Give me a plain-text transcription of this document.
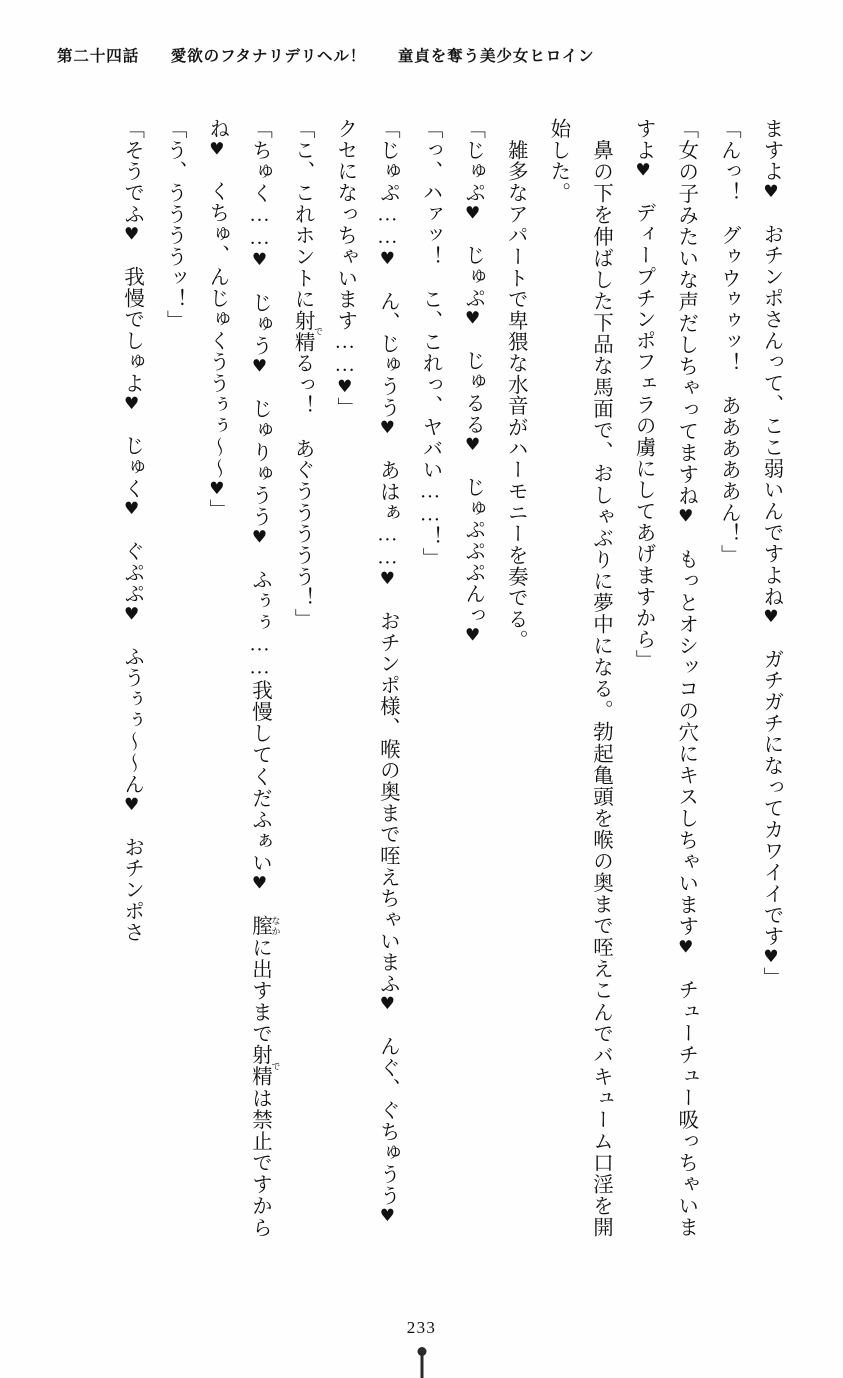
第二十四話 愛欲のフタナリデリヘル！ 童貞を奪う美少女ヒロイン

ますよ♥　おチンポさんって、ここ弱いんですよね♥　ガチガチになってカワイイです♥」

「んっ！　グゥウゥゥッ！　あああああん！」

「女の子みたいな声だしちゃってますね♥　もっとオシッコの穴にキスしちゃいます♥　チューチュー吸っちゃいますよ♥　ディープチンポフェラの虜にしてあげますから」

　鼻の下を伸ばした下品な馬面で、おしゃぶりに夢中になる。勃起亀頭を喉の奥まで咥えこんでバキューム口淫を開始した。

　雑多なアパートで卑猥な水音がハーモニーを奏でる。

「じゅぷ♥　じゅぷ♥　じゅるる♥　じゅぷぷぷんっ♥

「っ、ハァッ！　こ、これっ、ヤバい……！」

「じゅぷ……♥　ん、じゅうう♥　あはぁ……♥　おチンポ様、喉の奥まで咥えちゃいまふ♥　んぐ、ぐちゅうう♥　クセになっちゃいます……♥」

「こ、これホントに射精 でるっ！　あぐううううう！」

「ちゅく……♥　じゅう♥　じゅりゅうう♥　ふぅぅ……我慢してくだふぁい♥　膣 なかに出すまで射精 では禁止ですからね♥　くちゅ、んじゅくううぅぅ～～♥」

「う、ううううッ！」

「そうでふ♥　我慢でしゅよ♥　じゅく♥　ぐぷぷ♥　ふうぅぅ～～ん♥　おチンポさ

233
